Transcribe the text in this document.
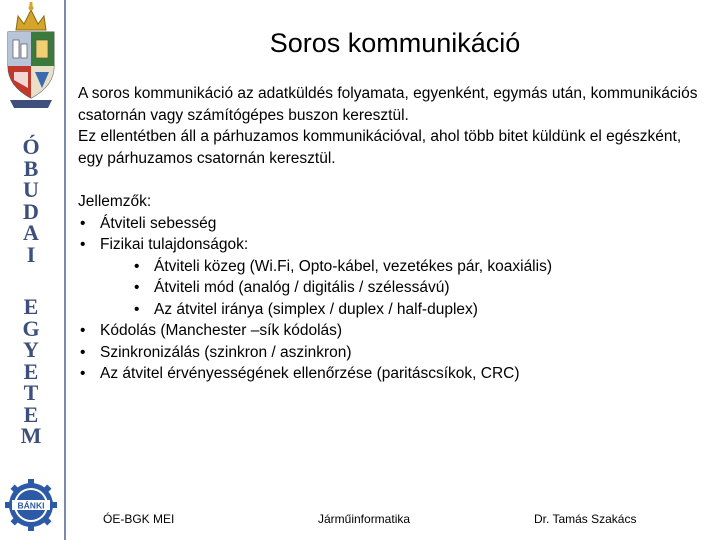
Ó
B
U
D
A
I
E
G
Y
E
T
E
M
BÁNKI
Soros kommunikáció

A soros kommunikáció az adatküldés folyamata, egyenként, egymás után, kommunikációs csatornán vagy számítógépes buszon keresztül.

Ez ellentétben áll a párhuzamos kommunikációval, ahol több bitet küldünk el egészként, egy párhuzamos csatornán keresztül.

Jellemzők:
• Átviteli sebesség
• Fizikai tulajdonságok:
• Átviteli közeg (Wi.Fi, Opto-kábel, vezetékes pár, koaxiális)
• Átviteli mód (analóg / digitális / szélessávú)
• Az átvitel iránya (simplex / duplex / half-duplex)
• Kódolás (Manchester –sík kódolás)
• Szinkronizálás (szinkron / aszinkron)
• Az átvitel érvényességének ellenőrzése (paritáscsíkok, CRC)
ÓE-BGK MEI	Járműinformatika	Dr. Tamás Szakács
